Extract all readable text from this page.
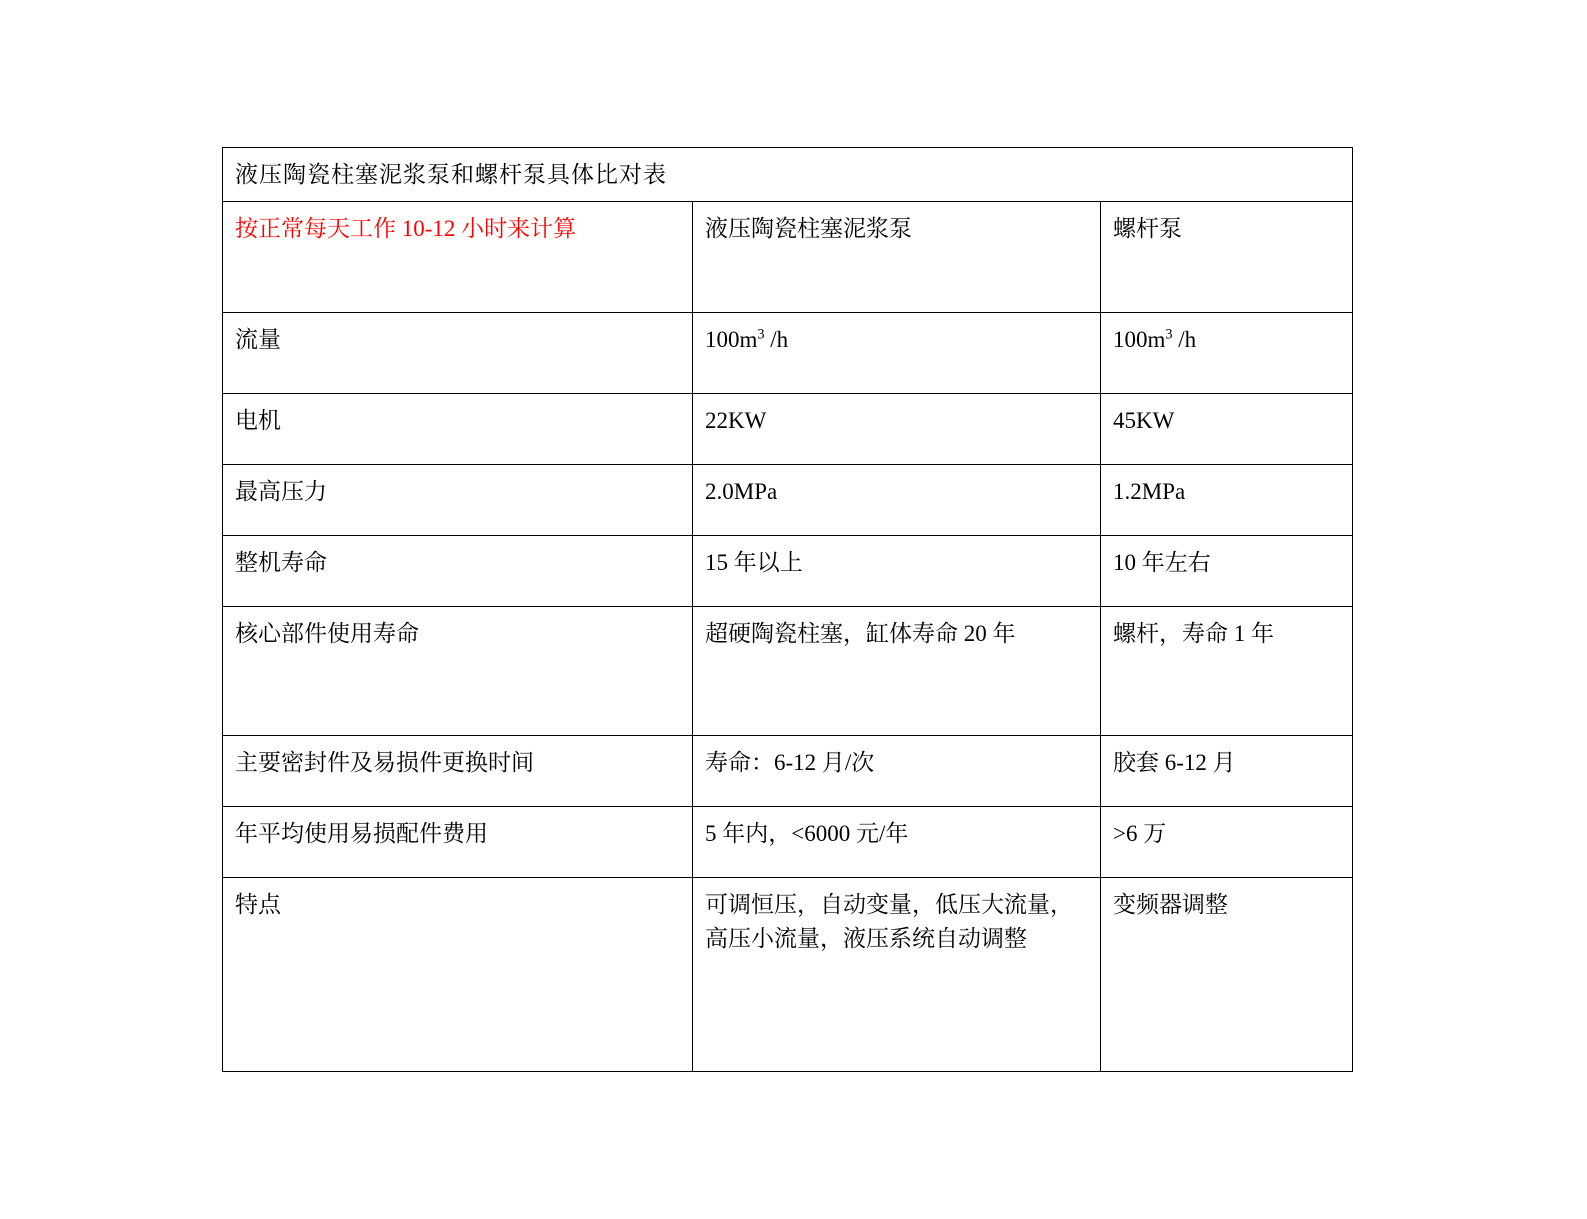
液压陶瓷柱塞泥浆泵和螺杆泵具体比对表		
按正常每天工作 10-12 小时来计算	液压陶瓷柱塞泥浆泵	螺杆泵
流量	$100m^3$ /h	$100m^3$ /h
电机	22KW	45KW
最高压力	2.0MPa	1.2MPa
整机寿命	15 年以上	10 年左右
核心部件使用寿命	超硬陶瓷柱塞，缸体寿命 20 年	螺杆，寿命 1 年
主要密封件及易损件更换时间	寿命：6-12 月/次	胶套 6-12 月
年平均使用易损配件费用	5 年内，<6000 元/年	>6 万
特点	可调恒压，自动变量，低压大流量，高压小流量，液压系统自动调整	变频器调整
